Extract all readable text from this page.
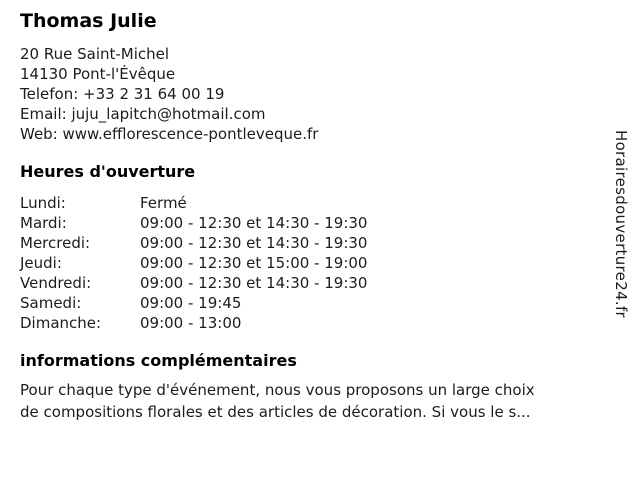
Thomas Julie
20 Rue Saint-Michel
14130 Pont-l'Évêque
Telefon: +33 2 31 64 00 19
Email: juju_lapitch@hotmail.com
Web: www.efflorescence-pontleveque.fr
Heures d'ouverture
Lundi:	Fermé
Mardi:	09:00 - 12:30 et 14:30 - 19:30
Mercredi:	09:00 - 12:30 et 14:30 - 19:30
Jeudi:	09:00 - 12:30 et 15:00 - 19:00
Vendredi:	09:00 - 12:30 et 14:30 - 19:30
Samedi:	09:00 - 19:45
Dimanche:	09:00 - 13:00
informations complémentaires
Pour chaque type d'événement, nous vous proposons un large choix
de compositions florales et des articles de décoration. Si vous le s...
Horairesdouverture24.fr
